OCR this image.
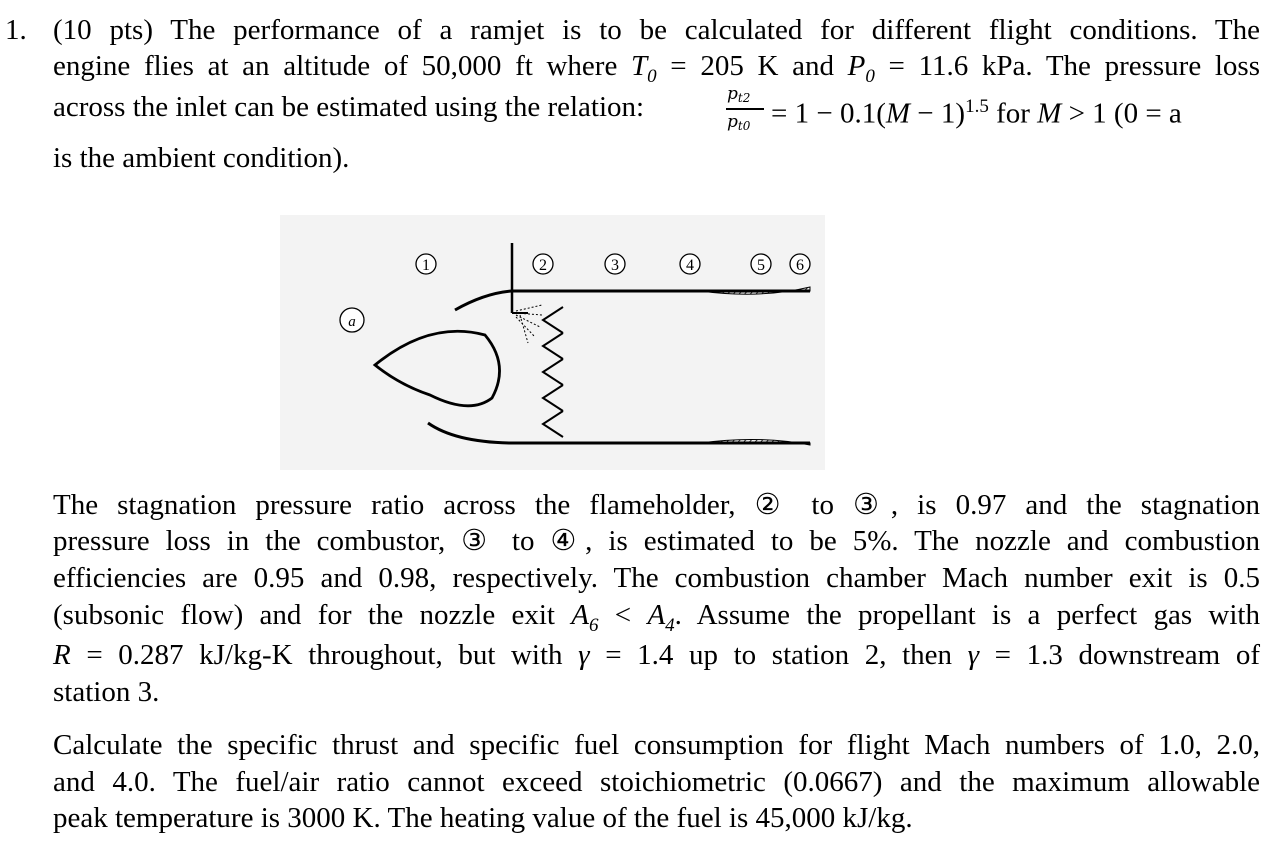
1. (10 pts) The performance of a ramjet is to be calculated for different flight conditions. The
engine flies at an altitude of 50,000 ft where $T_0 = 205$ K and $P_0 = 11.6$ kPa. The pressure loss
across the inlet can be estimated using the relation:	pt2
$pt0 = 1 - 0.1(M - 1)^{1.5}$ for M > 1 (0 = a
is the ambient condition).
1	2	3	4	5 6
a
The stagnation pressure ratio across the flameholder, ② to ③, is 0.97 and the stagnation
pressure loss in the combustor, ③ to ④, is estimated to be 5%. The nozzle and combustion
efficiencies are 0.95 and 0.98, respectively. The combustion chamber Mach number exit is 0.5
(subsonic flow) and for the nozzle exit $A_6 < A_4$. Assume the propellant is a perfect gas with
R = 0.287 kJ/kg-K throughout, but with γ = 1.4 up to station 2, then γ = 1.3 downstream of
station 3.
Calculate the specific thrust and specific fuel consumption for flight Mach numbers of 1.0, 2.0,
and 4.0. The fuel/air ratio cannot exceed stoichiometric (0.0667) and the maximum allowable
peak temperature is 3000 K. The heating value of the fuel is 45,000 kJ/kg.
